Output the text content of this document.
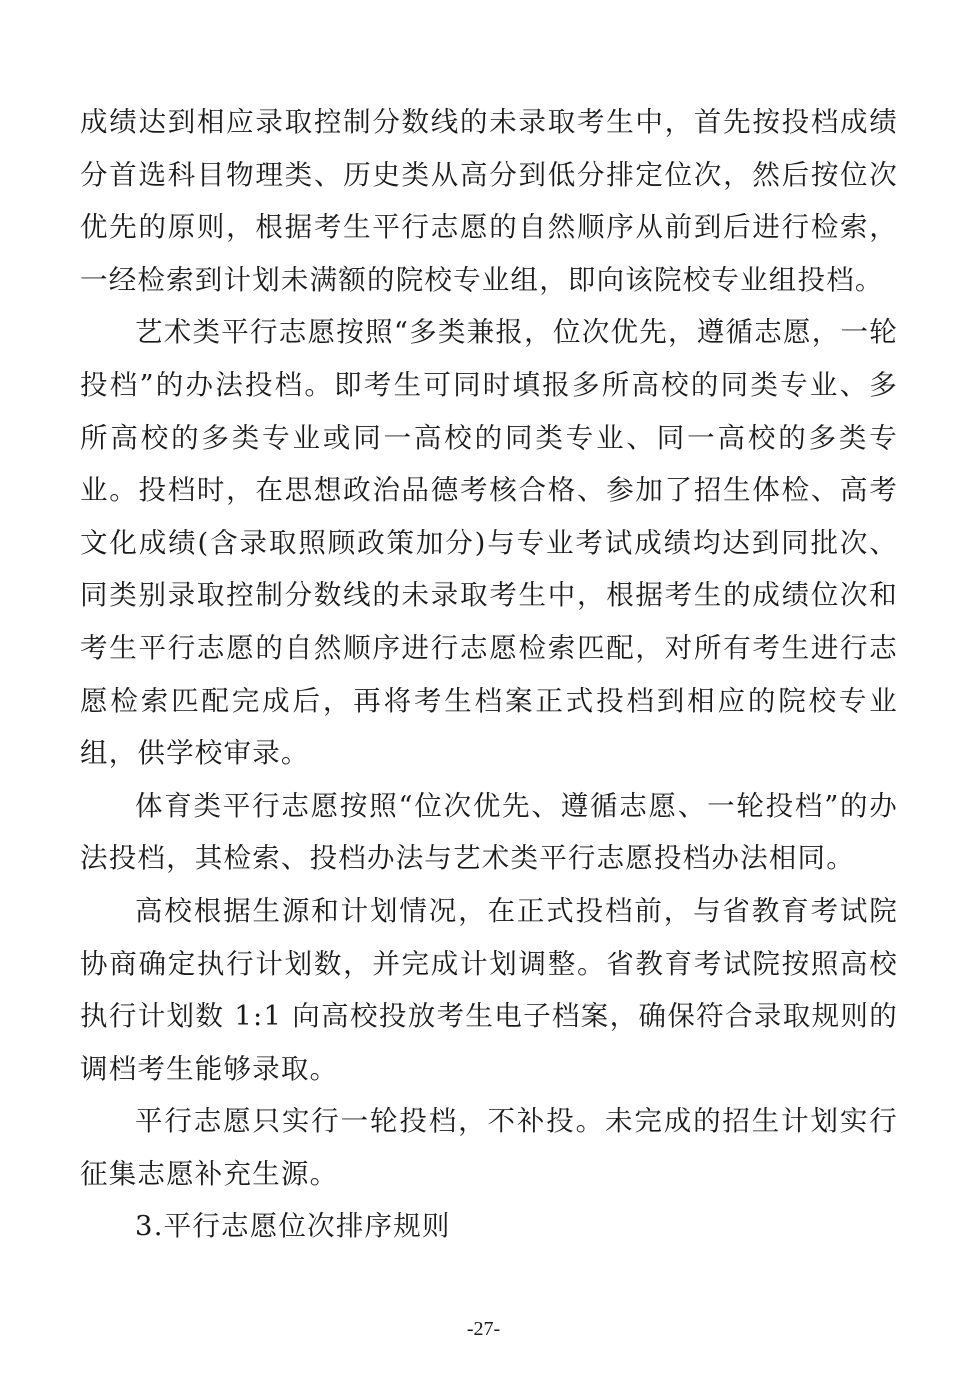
成绩达到相应录取控制分数线的未录取考生中，首先按投档成绩分首选科目物理类、历史类从高分到低分排定位次，然后按位次优先的原则，根据考生平行志愿的自然顺序从前到后进行检索，一经检索到计划未满额的院校专业组，即向该院校专业组投档。

艺术类平行志愿按照“多类兼报，位次优先，遵循志愿，一轮投档”的办法投档。即考生可同时填报多所高校的同类专业、多所高校的多类专业或同一高校的同类专业、同一高校的多类专业。投档时，在思想政治品德考核合格、参加了招生体检、高考文化成绩(含录取照顾政策加分)与专业考试成绩均达到同批次、同类别录取控制分数线的未录取考生中，根据考生的成绩位次和考生平行志愿的自然顺序进行志愿检索匹配，对所有考生进行志愿检索匹配完成后，再将考生档案正式投档到相应的院校专业组，供学校审录。

体育类平行志愿按照“位次优先、遵循志愿、一轮投档”的办法投档，其检索、投档办法与艺术类平行志愿投档办法相同。

高校根据生源和计划情况，在正式投档前，与省教育考试院协商确定执行计划数，并完成计划调整。省教育考试院按照高校执行计划数 1:1 向高校投放考生电子档案，确保符合录取规则的调档考生能够录取。

平行志愿只实行一轮投档，不补投。未完成的招生计划实行征集志愿补充生源。

3.平行志愿位次排序规则

-27-
